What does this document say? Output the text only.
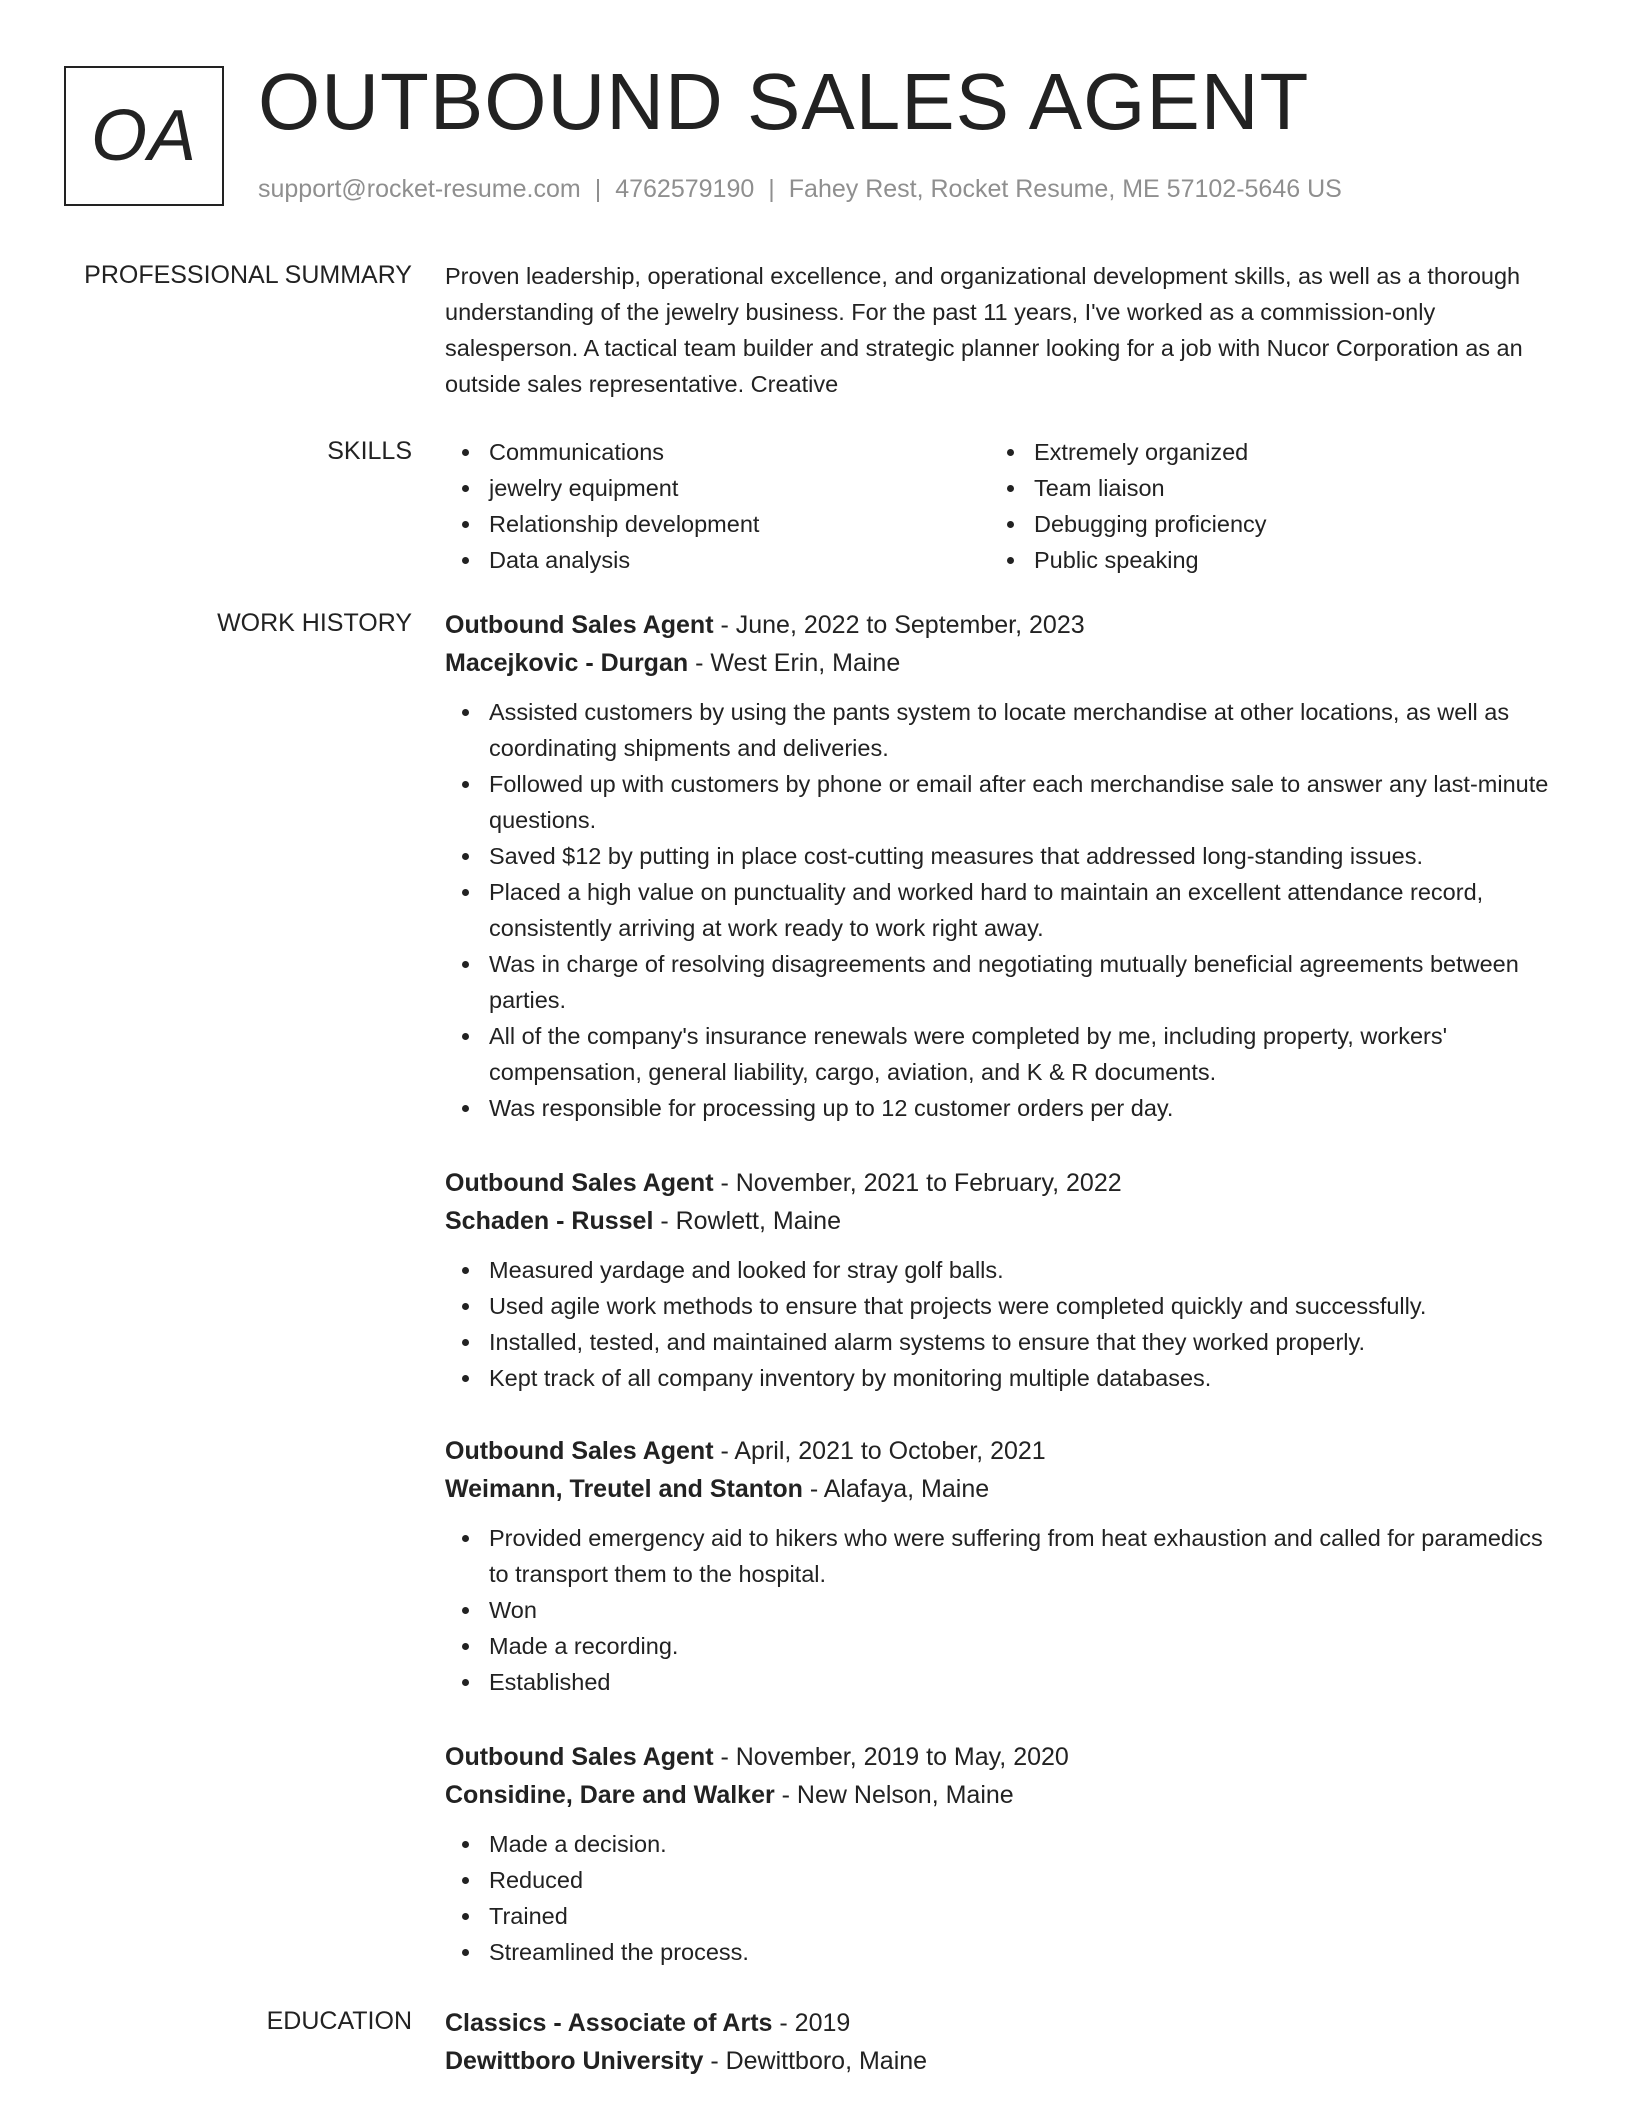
OA OUTBOUND SALES AGENT
support@rocket-resume.com | 4762579190 | Fahey Rest, Rocket Resume, ME 57102-5646 US
PROFESSIONAL SUMMARY Proven leadership, operational excellence, and organizational development skills, as well as a thorough understanding of the jewelry business. For the past 11 years, I've worked as a commission-only salesperson. A tactical team builder and strategic planner looking for a job with Nucor Corporation as an outside sales representative. Creative

SKILLS	Communications
jewelry equipment
Relationship development
Data analysis
Extremely organized
Team liaison
Debugging proficiency
Public speaking
WORK HISTORY Outbound Sales Agent - June, 2022 to September, 2023
Macejkovic - Durgan - West Erin, Maine
Assisted customers by using the pants system to locate merchandise at other locations, as well as coordinating shipments and deliveries.
Followed up with customers by phone or email after each merchandise sale to answer any last-minute questions.
Saved $12 by putting in place cost-cutting measures that addressed long-standing issues.
Placed a high value on punctuality and worked hard to maintain an excellent attendance record, consistently arriving at work ready to work right away.
Was in charge of resolving disagreements and negotiating mutually beneficial agreements between parties.
All of the company's insurance renewals were completed by me, including property, workers' compensation, general liability, cargo, aviation, and K & R documents.
Was responsible for processing up to 12 customer orders per day.
Outbound Sales Agent - November, 2021 to February, 2022
Schaden - Russel - Rowlett, Maine
Measured yardage and looked for stray golf balls.
Used agile work methods to ensure that projects were completed quickly and successfully.
Installed, tested, and maintained alarm systems to ensure that they worked properly.
Kept track of all company inventory by monitoring multiple databases.
Outbound Sales Agent - April, 2021 to October, 2021
Weimann, Treutel and Stanton - Alafaya, Maine
Provided emergency aid to hikers who were suffering from heat exhaustion and called for paramedics to transport them to the hospital.
Won
Made a recording.
Established
Outbound Sales Agent - November, 2019 to May, 2020
Considine, Dare and Walker - New Nelson, Maine
Made a decision.
Reduced
Trained
Streamlined the process.
EDUCATION Classics - Associate of Arts - 2019
Dewittboro University - Dewittboro, Maine
